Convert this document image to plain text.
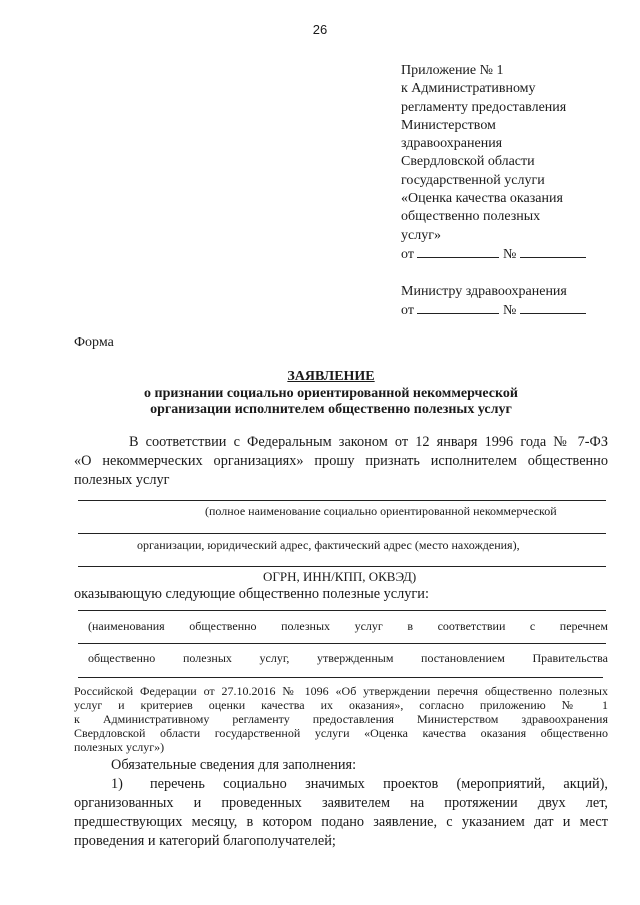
26
Приложение № 1
к Административному
регламенту предоставления
Министерством
здравоохранения
Свердловской области
государственной услуги
«Оценка качества оказания
общественно полезных
услуг»
от	№
Министру здравоохранения
от	№
Форма
ЗАЯВЛЕНИЕ
о признании социально ориентированной некоммерческой
организации исполнителем общественно полезных услуг
В соответствии с Федеральным законом от 12 января 1996 года № 7-ФЗ
«О некоммерческих организациях» прошу признать исполнителем общественно
полезных услуг
(полное наименование социально ориентированной некоммерческой
организации, юридический адрес, фактический адрес (место нахождения),
ОГРН, ИНН/КПП, ОКВЭД)
оказывающую следующие общественно полезные услуги:
(наименования общественно полезных услуг в соответствии с перечнем
общественно полезных услуг, утвержденным постановлением Правительства
Российской Федерации от 27.10.2016 № 1096 «Об утверждении перечня общественно полезных
услуг и критериев оценки качества их оказания», согласно приложению № 1
к Административному регламенту предоставления Министерством здравоохранения
Свердловской области государственной услуги «Оценка качества оказания общественно
полезных услуг»)
Обязательные сведения для заполнения:
1)	перечень социально значимых проектов (мероприятий, акций),
организованных и проведенных заявителем на протяжении двух лет,
предшествующих месяцу, в котором подано заявление, с указанием дат и мест
проведения и категорий благополучателей;
